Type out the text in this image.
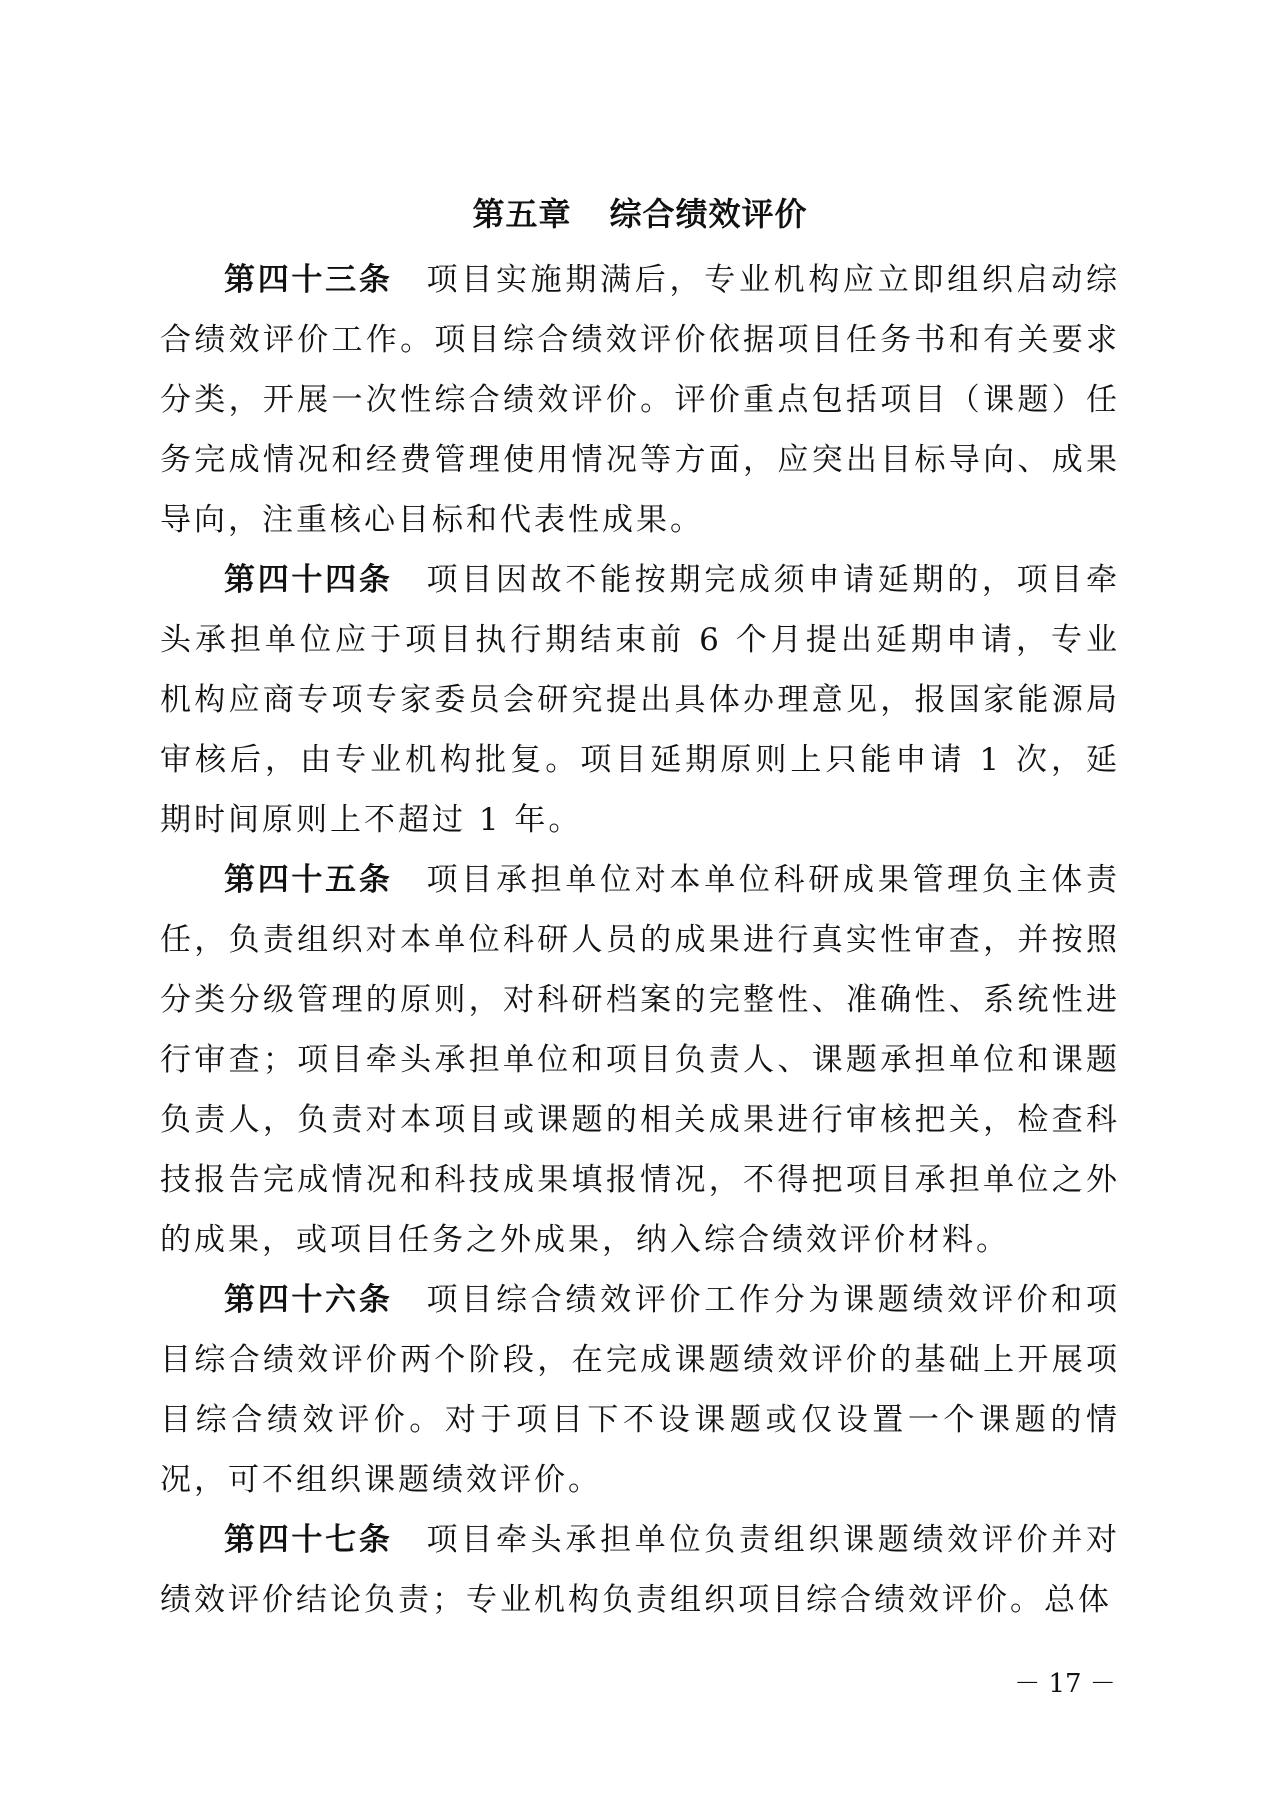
第五章 综合绩效评价

第四十三条 项目实施期满后，专业机构应立即组织启动综合绩效评价工作。项目综合绩效评价依据项目任务书和有关要求分类，开展一次性综合绩效评价。评价重点包括项目（课题）任务完成情况和经费管理使用情况等方面，应突出目标导向、成果导向，注重核心目标和代表性成果。

第四十四条 项目因故不能按期完成须申请延期的，项目牵头承担单位应于项目执行期结束前 6 个月提出延期申请，专业机构应商专项专家委员会研究提出具体办理意见，报国家能源局审核后，由专业机构批复。项目延期原则上只能申请 1 次，延期时间原则上不超过 1 年。

第四十五条 项目承担单位对本单位科研成果管理负主体责任，负责组织对本单位科研人员的成果进行真实性审查，并按照分类分级管理的原则，对科研档案的完整性、准确性、系统性进行审查；项目牵头承担单位和项目负责人、课题承担单位和课题负责人，负责对本项目或课题的相关成果进行审核把关，检查科技报告完成情况和科技成果填报情况，不得把项目承担单位之外的成果，或项目任务之外成果，纳入综合绩效评价材料。

第四十六条 项目综合绩效评价工作分为课题绩效评价和项目综合绩效评价两个阶段，在完成课题绩效评价的基础上开展项目综合绩效评价。对于项目下不设课题或仅设置一个课题的情况，可不组织课题绩效评价。

第四十七条 项目牵头承担单位负责组织课题绩效评价并对绩效评价结论负责；专业机构负责组织项目综合绩效评价。总体

－ 17 －
